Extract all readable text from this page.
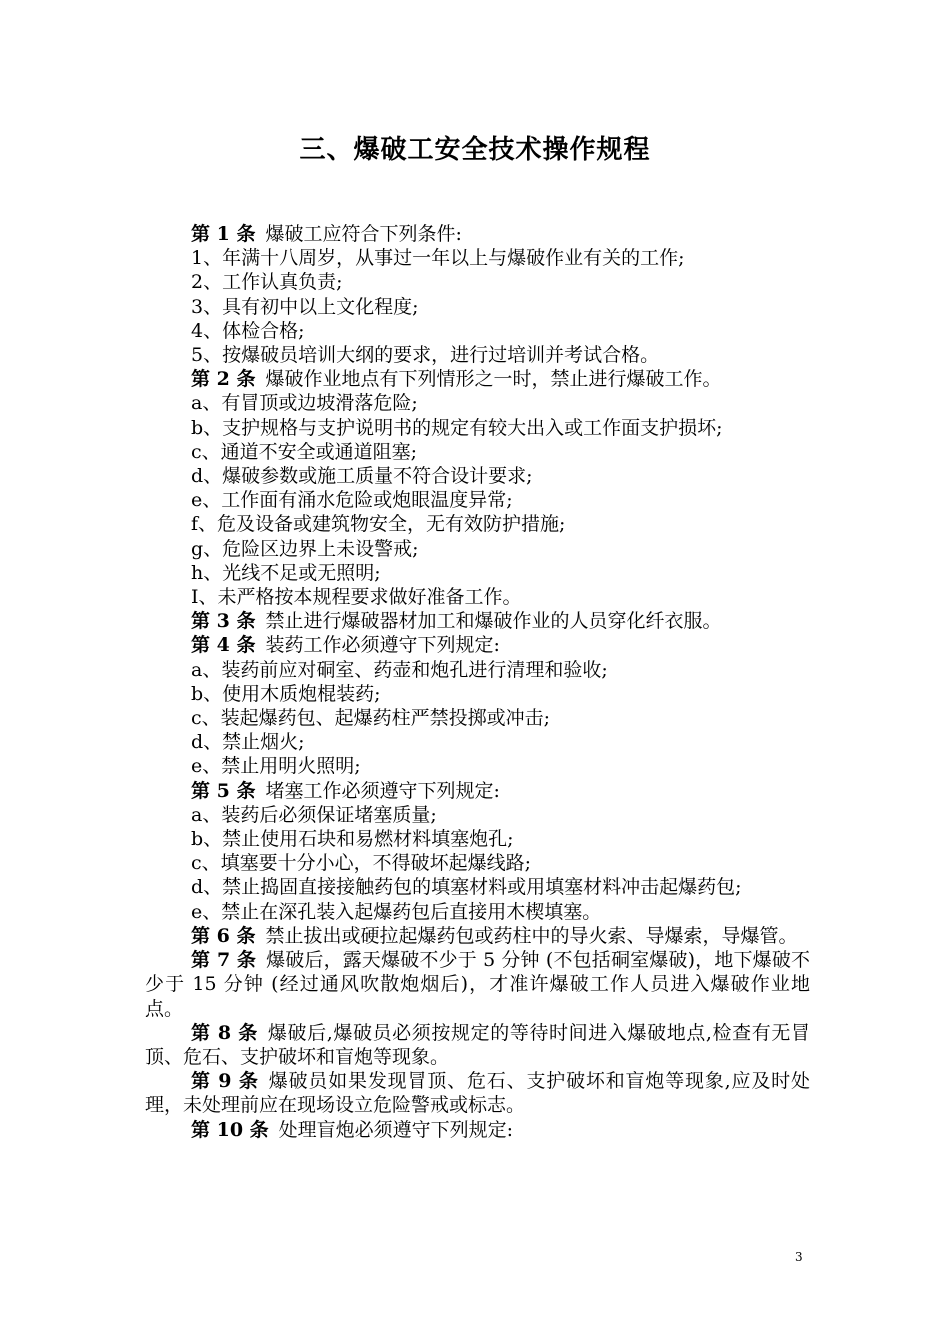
三、爆破工安全技术操作规程

第 1 条 爆破工应符合下列条件:

1、年满十八周岁，从事过一年以上与爆破作业有关的工作;

2、工作认真负责;

3、具有初中以上文化程度;

4、体检合格;

5、按爆破员培训大纲的要求，进行过培训并考试合格。

第 2 条 爆破作业地点有下列情形之一时，禁止进行爆破工作。

a、有冒顶或边坡滑落危险;

b、支护规格与支护说明书的规定有较大出入或工作面支护损坏;

c、通道不安全或通道阻塞;

d、爆破参数或施工质量不符合设计要求;

e、工作面有涌水危险或炮眼温度异常;

f、危及设备或建筑物安全，无有效防护措施;

g、危险区边界上未设警戒;

h、光线不足或无照明;

I、未严格按本规程要求做好准备工作。

第 3 条 禁止进行爆破器材加工和爆破作业的人员穿化纤衣服。

第 4 条 装药工作必须遵守下列规定:

a、装药前应对硐室、药壶和炮孔进行清理和验收;

b、使用木质炮棍装药;

c、装起爆药包、起爆药柱严禁投掷或冲击;

d、禁止烟火;

e、禁止用明火照明;

第 5 条 堵塞工作必须遵守下列规定:

a、装药后必须保证堵塞质量;

b、禁止使用石块和易燃材料填塞炮孔;

c、填塞要十分小心，不得破坏起爆线路;

d、禁止捣固直接接触药包的填塞材料或用填塞材料冲击起爆药包;

e、禁止在深孔装入起爆药包后直接用木楔填塞。

第 6 条 禁止拔出或硬拉起爆药包或药柱中的导火索、导爆索，导爆管。

第 7 条 爆破后，露天爆破不少于 5 分钟 (不包括硐室爆破)，地下爆破不少于 15 分钟 (经过通风吹散炮烟后)，才准许爆破工作人员进入爆破作业地点。

第 8 条 爆破后,爆破员必须按规定的等待时间进入爆破地点,检查有无冒顶、危石、支护破坏和盲炮等现象。

第 9 条 爆破员如果发现冒顶、危石、支护破坏和盲炮等现象,应及时处理，未处理前应在现场设立危险警戒或标志。

第 10 条 处理盲炮必须遵守下列规定:

3
